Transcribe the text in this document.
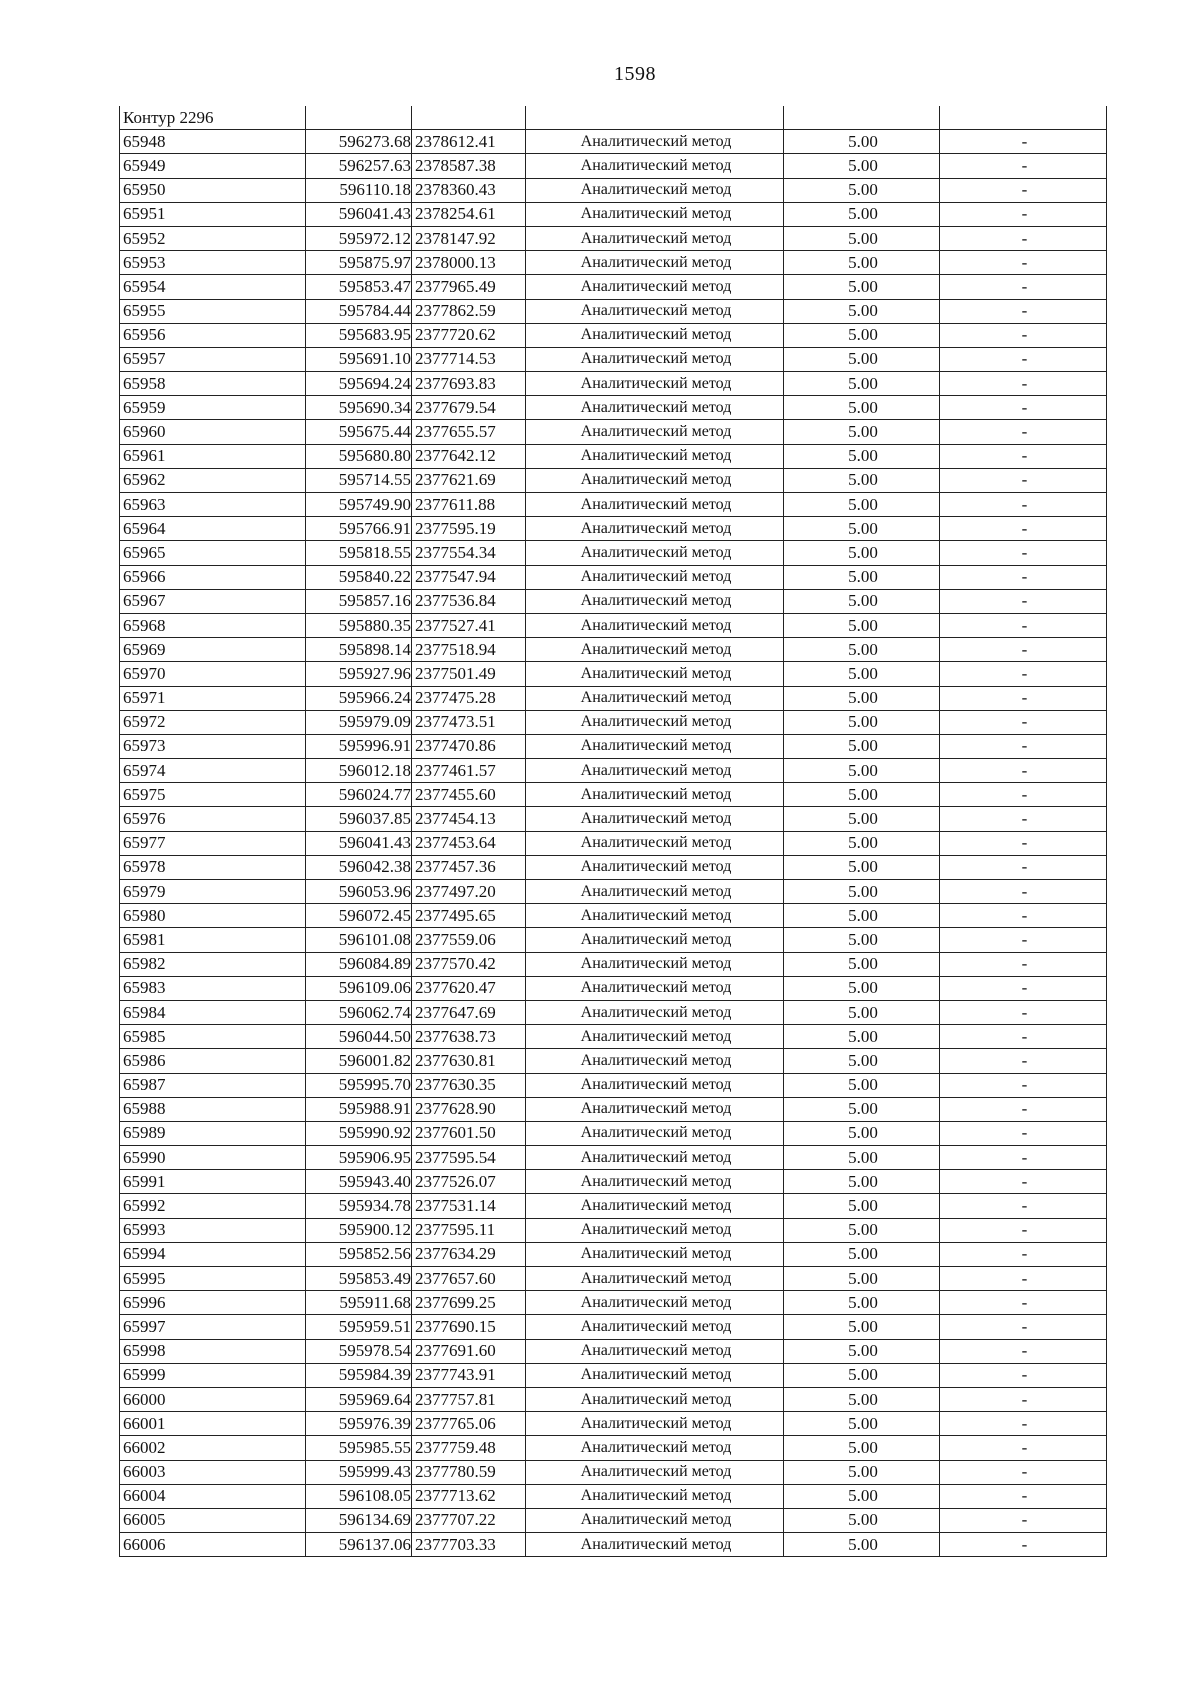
1598
Контур 2296					
65948	596273.68	2378612.41	Аналитический метод	5.00	-
65949	596257.63	2378587.38	Аналитический метод	5.00	-
65950	596110.18	2378360.43	Аналитический метод	5.00	-
65951	596041.43	2378254.61	Аналитический метод	5.00	-
65952	595972.12	2378147.92	Аналитический метод	5.00	-
65953	595875.97	2378000.13	Аналитический метод	5.00	-
65954	595853.47	2377965.49	Аналитический метод	5.00	-
65955	595784.44	2377862.59	Аналитический метод	5.00	-
65956	595683.95	2377720.62	Аналитический метод	5.00	-
65957	595691.10	2377714.53	Аналитический метод	5.00	-
65958	595694.24	2377693.83	Аналитический метод	5.00	-
65959	595690.34	2377679.54	Аналитический метод	5.00	-
65960	595675.44	2377655.57	Аналитический метод	5.00	-
65961	595680.80	2377642.12	Аналитический метод	5.00	-
65962	595714.55	2377621.69	Аналитический метод	5.00	-
65963	595749.90	2377611.88	Аналитический метод	5.00	-
65964	595766.91	2377595.19	Аналитический метод	5.00	-
65965	595818.55	2377554.34	Аналитический метод	5.00	-
65966	595840.22	2377547.94	Аналитический метод	5.00	-
65967	595857.16	2377536.84	Аналитический метод	5.00	-
65968	595880.35	2377527.41	Аналитический метод	5.00	-
65969	595898.14	2377518.94	Аналитический метод	5.00	-
65970	595927.96	2377501.49	Аналитический метод	5.00	-
65971	595966.24	2377475.28	Аналитический метод	5.00	-
65972	595979.09	2377473.51	Аналитический метод	5.00	-
65973	595996.91	2377470.86	Аналитический метод	5.00	-
65974	596012.18	2377461.57	Аналитический метод	5.00	-
65975	596024.77	2377455.60	Аналитический метод	5.00	-
65976	596037.85	2377454.13	Аналитический метод	5.00	-
65977	596041.43	2377453.64	Аналитический метод	5.00	-
65978	596042.38	2377457.36	Аналитический метод	5.00	-
65979	596053.96	2377497.20	Аналитический метод	5.00	-
65980	596072.45	2377495.65	Аналитический метод	5.00	-
65981	596101.08	2377559.06	Аналитический метод	5.00	-
65982	596084.89	2377570.42	Аналитический метод	5.00	-
65983	596109.06	2377620.47	Аналитический метод	5.00	-
65984	596062.74	2377647.69	Аналитический метод	5.00	-
65985	596044.50	2377638.73	Аналитический метод	5.00	-
65986	596001.82	2377630.81	Аналитический метод	5.00	-
65987	595995.70	2377630.35	Аналитический метод	5.00	-
65988	595988.91	2377628.90	Аналитический метод	5.00	-
65989	595990.92	2377601.50	Аналитический метод	5.00	-
65990	595906.95	2377595.54	Аналитический метод	5.00	-
65991	595943.40	2377526.07	Аналитический метод	5.00	-
65992	595934.78	2377531.14	Аналитический метод	5.00	-
65993	595900.12	2377595.11	Аналитический метод	5.00	-
65994	595852.56	2377634.29	Аналитический метод	5.00	-
65995	595853.49	2377657.60	Аналитический метод	5.00	-
65996	595911.68	2377699.25	Аналитический метод	5.00	-
65997	595959.51	2377690.15	Аналитический метод	5.00	-
65998	595978.54	2377691.60	Аналитический метод	5.00	-
65999	595984.39	2377743.91	Аналитический метод	5.00	-
66000	595969.64	2377757.81	Аналитический метод	5.00	-
66001	595976.39	2377765.06	Аналитический метод	5.00	-
66002	595985.55	2377759.48	Аналитический метод	5.00	-
66003	595999.43	2377780.59	Аналитический метод	5.00	-
66004	596108.05	2377713.62	Аналитический метод	5.00	-
66005	596134.69	2377707.22	Аналитический метод	5.00	-
66006	596137.06	2377703.33	Аналитический метод	5.00	-
